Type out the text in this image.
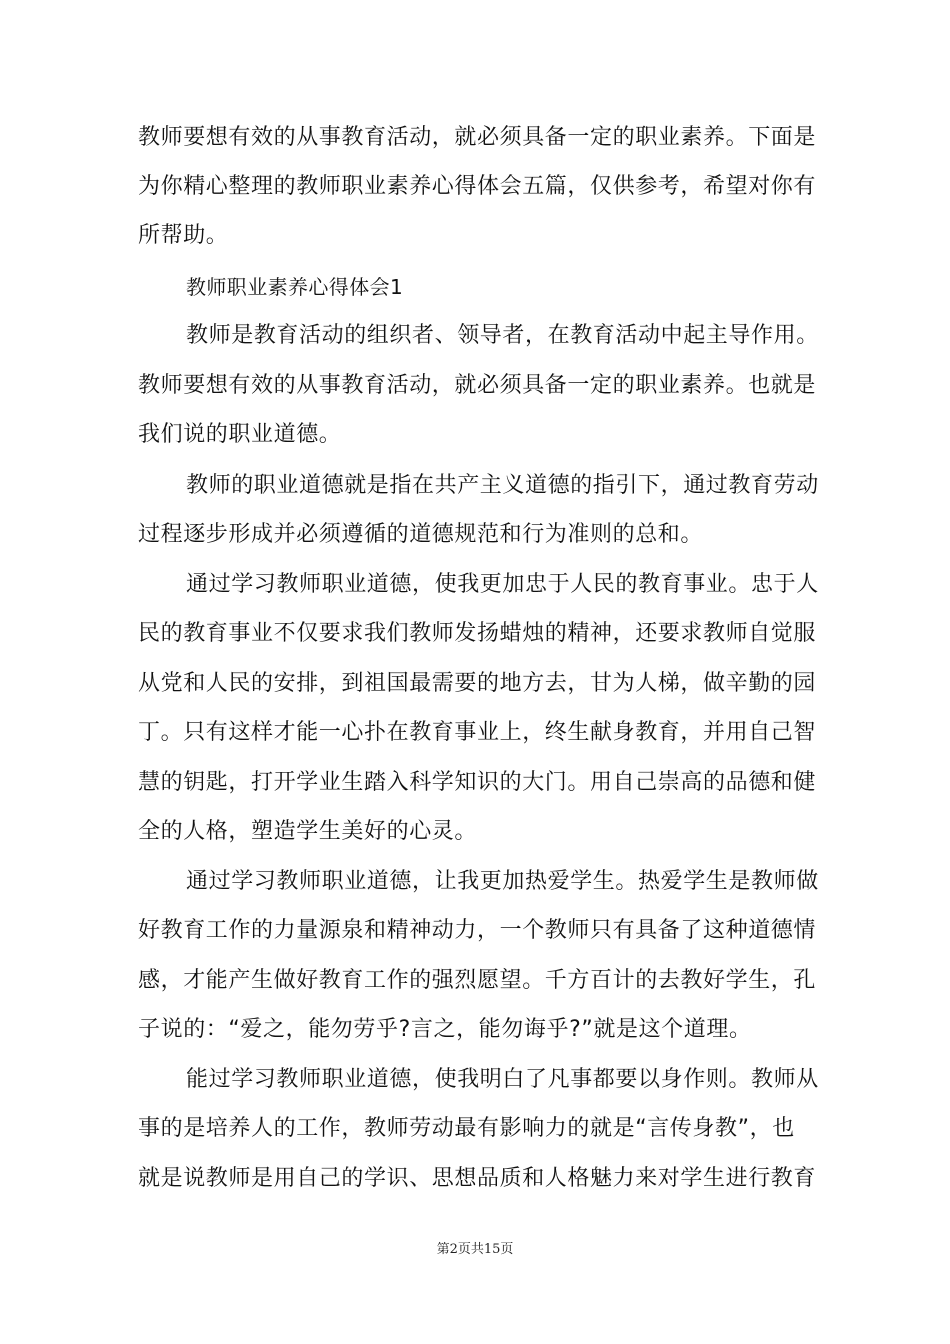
教师要想有效的从事教育活动，就必须具备一定的职业素养。下面是
为你精心整理的教师职业素养心得体会五篇，仅供参考，希望对你有
所帮助。
教师职业素养心得体会1
教师是教育活动的组织者、领导者，在教育活动中起主导作用。
教师要想有效的从事教育活动，就必须具备一定的职业素养。也就是
我们说的职业道德。
教师的职业道德就是指在共产主义道德的指引下，通过教育劳动
过程逐步形成并必须遵循的道德规范和行为准则的总和。
通过学习教师职业道德，使我更加忠于人民的教育事业。忠于人
民的教育事业不仅要求我们教师发扬蜡烛的精神，还要求教师自觉服
从党和人民的安排，到祖国最需要的地方去，甘为人梯，做辛勤的园
丁。只有这样才能一心扑在教育事业上，终生献身教育，并用自己智
慧的钥匙，打开学业生踏入科学知识的大门。用自己崇高的品德和健
全的人格，塑造学生美好的心灵。
通过学习教师职业道德，让我更加热爱学生。热爱学生是教师做
好教育工作的力量源泉和精神动力，一个教师只有具备了这种道德情
感，才能产生做好教育工作的强烈愿望。千方百计的去教好学生，孔
子说的：“爱之，能勿劳乎?言之，能勿诲乎?”就是这个道理。
能过学习教师职业道德，使我明白了凡事都要以身作则。教师从
事的是培养人的工作，教师劳动最有影响力的就是“言传身教”，也
就是说教师是用自己的学识、思想品质和人格魅力来对学生进行教育
第2页共15页
